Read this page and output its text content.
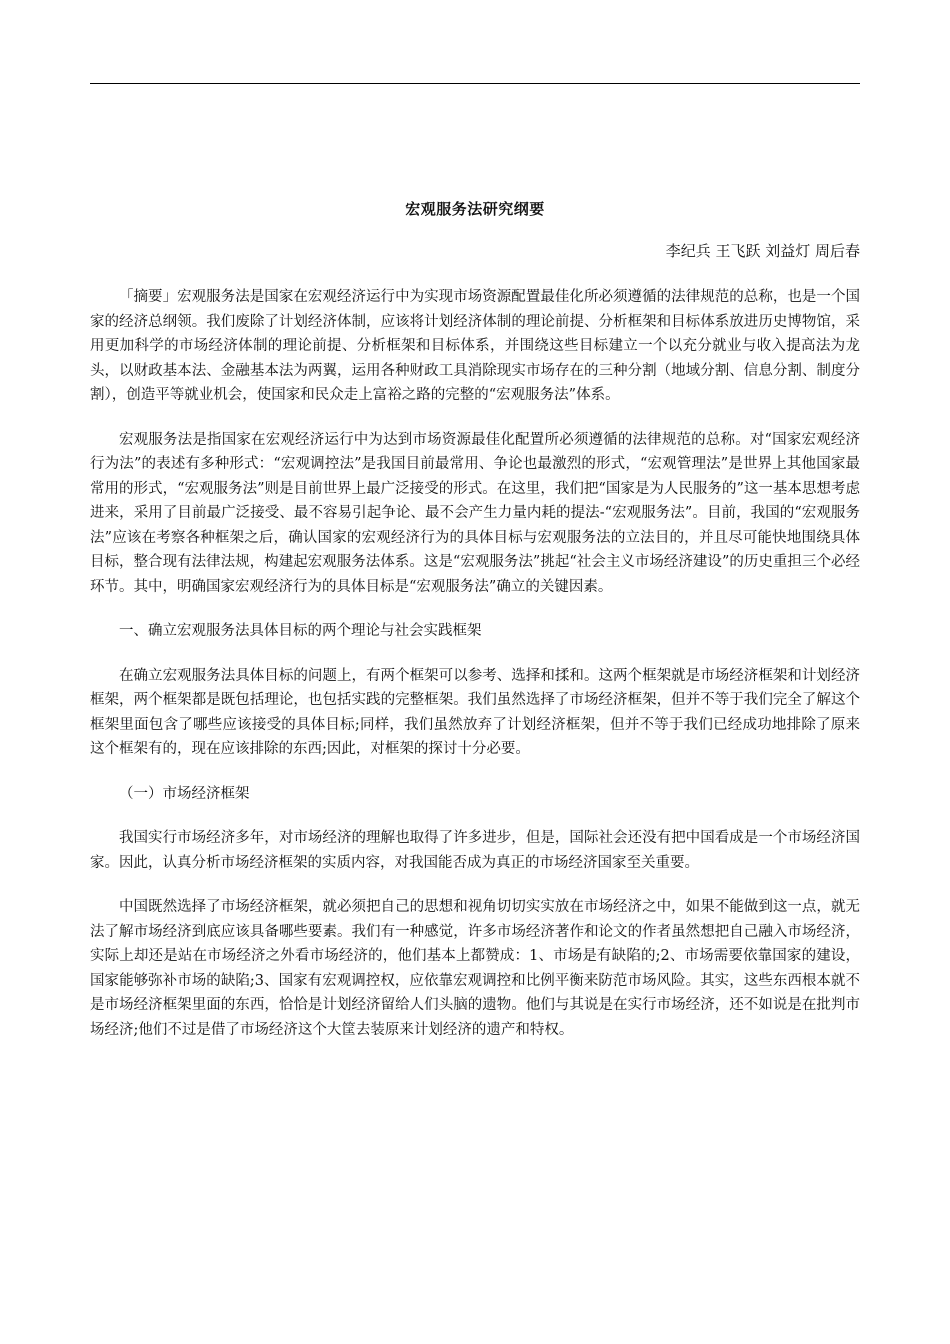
宏观服务法研究纲要

李纪兵 王飞跃 刘益灯 周后春

「摘要」宏观服务法是国家在宏观经济运行中为实现市场资源配置最佳化所必须遵循的法律规范的总称，也是一个国家的经济总纲领。我们废除了计划经济体制，应该将计划经济体制的理论前提、分析框架和目标体系放进历史博物馆，采用更加科学的市场经济体制的理论前提、分析框架和目标体系，并围绕这些目标建立一个以充分就业与收入提高法为龙头，以财政基本法、金融基本法为两翼，运用各种财政工具消除现实市场存在的三种分割（地域分割、信息分割、制度分割），创造平等就业机会，使国家和民众走上富裕之路的完整的“宏观服务法”体系。

宏观服务法是指国家在宏观经济运行中为达到市场资源最佳化配置所必须遵循的法律规范的总称。对“国家宏观经济行为法”的表述有多种形式：“宏观调控法”是我国目前最常用、争论也最激烈的形式，“宏观管理法”是世界上其他国家最常用的形式，“宏观服务法”则是目前世界上最广泛接受的形式。在这里，我们把“国家是为人民服务的”这一基本思想考虑进来，采用了目前最广泛接受、最不容易引起争论、最不会产生力量内耗的提法-“宏观服务法”。目前，我国的“宏观服务法”应该在考察各种框架之后，确认国家的宏观经济行为的具体目标与宏观服务法的立法目的，并且尽可能快地围绕具体目标，整合现有法律法规，构建起宏观服务法体系。这是“宏观服务法”挑起“社会主义市场经济建设”的历史重担三个必经环节。其中，明确国家宏观经济行为的具体目标是“宏观服务法”确立的关键因素。

一、确立宏观服务法具体目标的两个理论与社会实践框架

在确立宏观服务法具体目标的问题上，有两个框架可以参考、选择和揉和。这两个框架就是市场经济框架和计划经济框架，两个框架都是既包括理论，也包括实践的完整框架。我们虽然选择了市场经济框架，但并不等于我们完全了解这个框架里面包含了哪些应该接受的具体目标;同样，我们虽然放弃了计划经济框架，但并不等于我们已经成功地排除了原来这个框架有的，现在应该排除的东西;因此，对框架的探讨十分必要。

（一）市场经济框架

我国实行市场经济多年，对市场经济的理解也取得了许多进步，但是，国际社会还没有把中国看成是一个市场经济国家。因此，认真分析市场经济框架的实质内容，对我国能否成为真正的市场经济国家至关重要。

中国既然选择了市场经济框架，就必须把自己的思想和视角切切实实放在市场经济之中，如果不能做到这一点，就无法了解市场经济到底应该具备哪些要素。我们有一种感觉，许多市场经济著作和论文的作者虽然想把自己融入市场经济，实际上却还是站在市场经济之外看市场经济的，他们基本上都赞成：1、市场是有缺陷的;2、市场需要依靠国家的建设，国家能够弥补市场的缺陷;3、国家有宏观调控权，应依靠宏观调控和比例平衡来防范市场风险。其实，这些东西根本就不是市场经济框架里面的东西，恰恰是计划经济留给人们头脑的遗物。他们与其说是在实行市场经济，还不如说是在批判市场经济;他们不过是借了市场经济这个大筐去装原来计划经济的遗产和特权。
